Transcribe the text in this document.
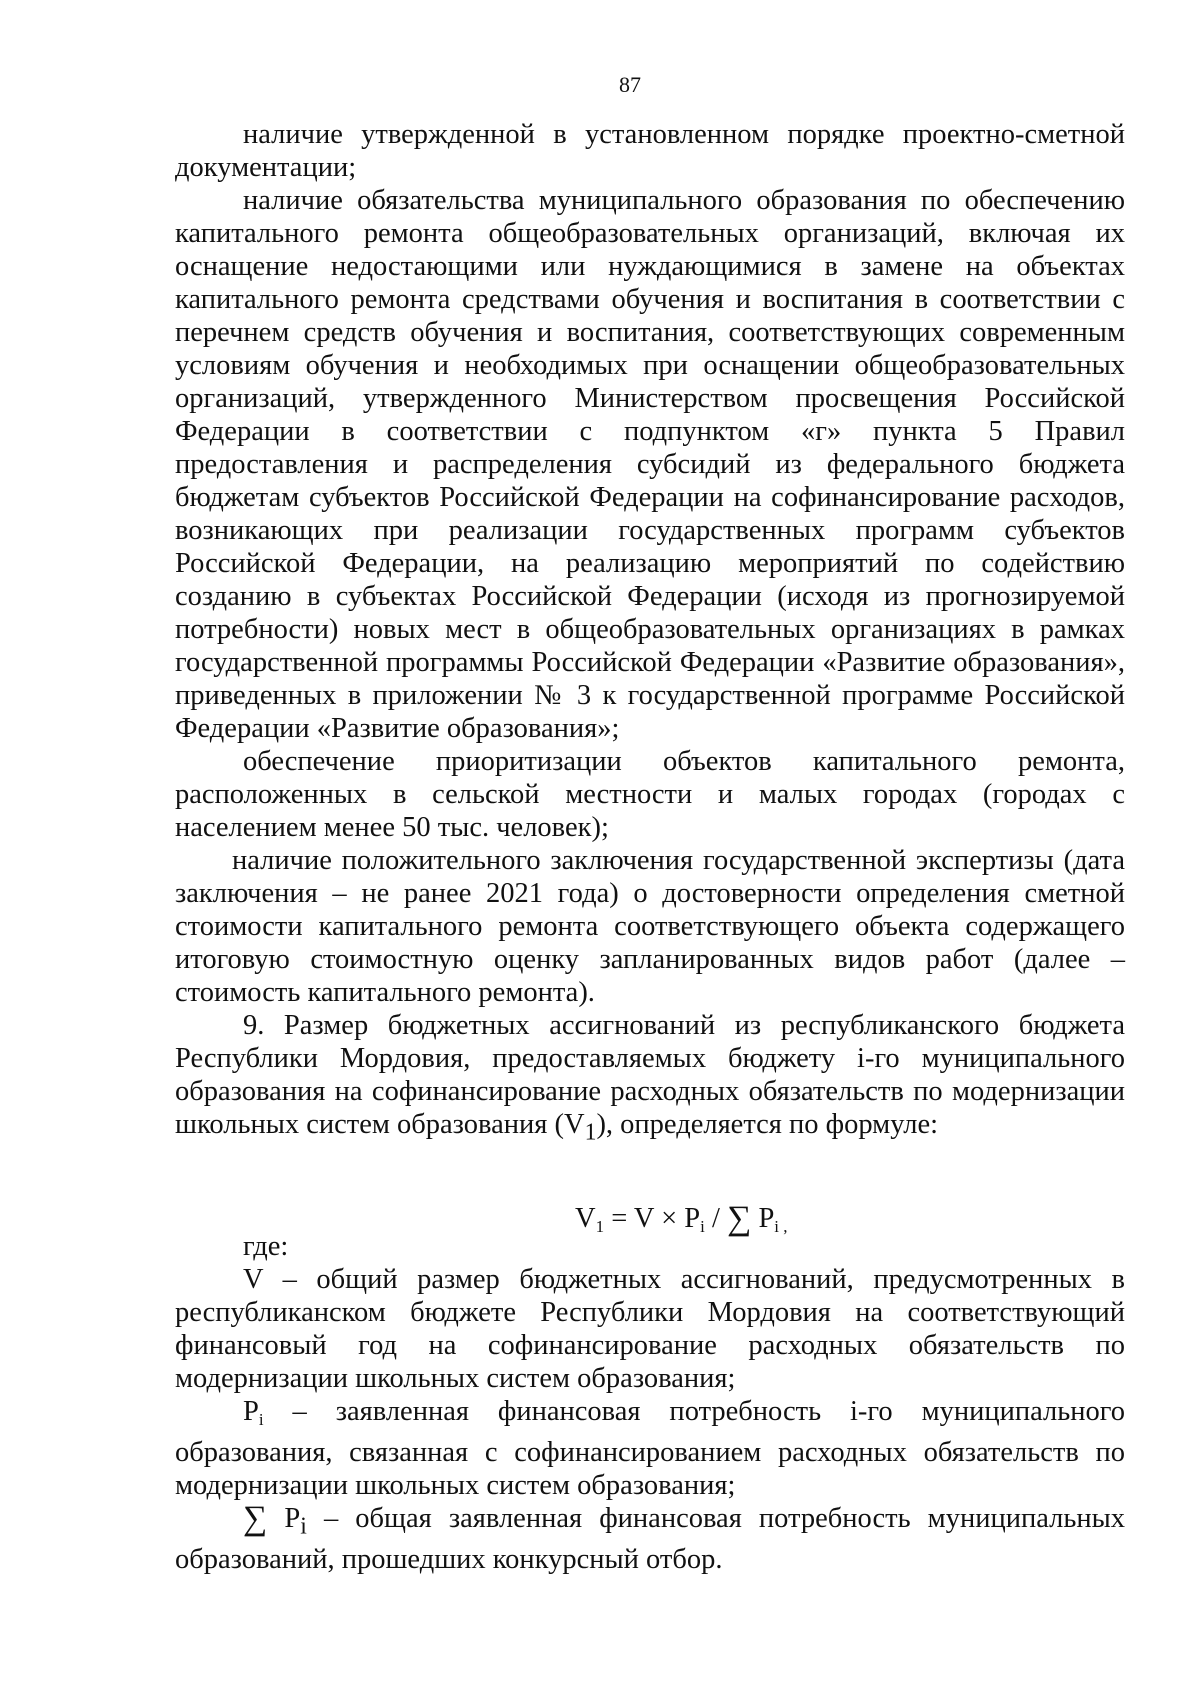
87

наличие утвержденной в установленном порядке проектно-сметной документации;

наличие обязательства муниципального образования по обеспечению капитального ремонта общеобразовательных организаций, включая их оснащение недостающими или нуждающимися в замене на объектах капитального ремонта средствами обучения и воспитания в соответствии с перечнем средств обучения и воспитания, соответствующих современным условиям обучения и необходимых при оснащении общеобразовательных организаций, утвержденного Министерством просвещения Российской Федерации в соответствии с подпунктом «г» пункта 5 Правил предоставления и распределения субсидий из федерального бюджета бюджетам субъектов Российской Федерации на софинансирование расходов, возникающих при реализации государственных программ субъектов Российской Федерации, на реализацию мероприятий по содействию созданию в субъектах Российской Федерации (исходя из прогнозируемой потребности) новых мест в общеобразовательных организациях в рамках государственной программы Российской Федерации «Развитие образования», приведенных в приложении № 3 к государственной программе Российской Федерации «Развитие образования»;

обеспечение приоритизации объектов капитального ремонта, расположенных в сельской местности и малых городах (городах с населением менее 50 тыс. человек);

наличие положительного заключения государственной экспертизы (дата заключения – не ранее 2021 года) о достоверности определения сметной стоимости капитального ремонта соответствующего объекта содержащего итоговую стоимостную оценку запланированных видов работ (далее – стоимость капитального ремонта).

9. Размер бюджетных ассигнований из республиканского бюджета Республики Мордовия, предоставляемых бюджету i-го муниципального образования на софинансирование расходных обязательств по модернизации школьных систем образования $(V_1)$, определяется по формуле:

$V_1 = V \times P_i$ / ∑ $P_{i ,}$

где:

V – общий размер бюджетных ассигнований, предусмотренных в республиканском бюджете Республики Мордовия на соответствующий финансовый год на софинансирование расходных обязательств по модернизации школьных систем образования;

$P_i$ – заявленная финансовая потребность i-го муниципального образования, связанная с софинансированием расходных обязательств по модернизации школьных систем образования;

∑ $P_i$ – общая заявленная финансовая потребность муниципальных образований, прошедших конкурсный отбор.
